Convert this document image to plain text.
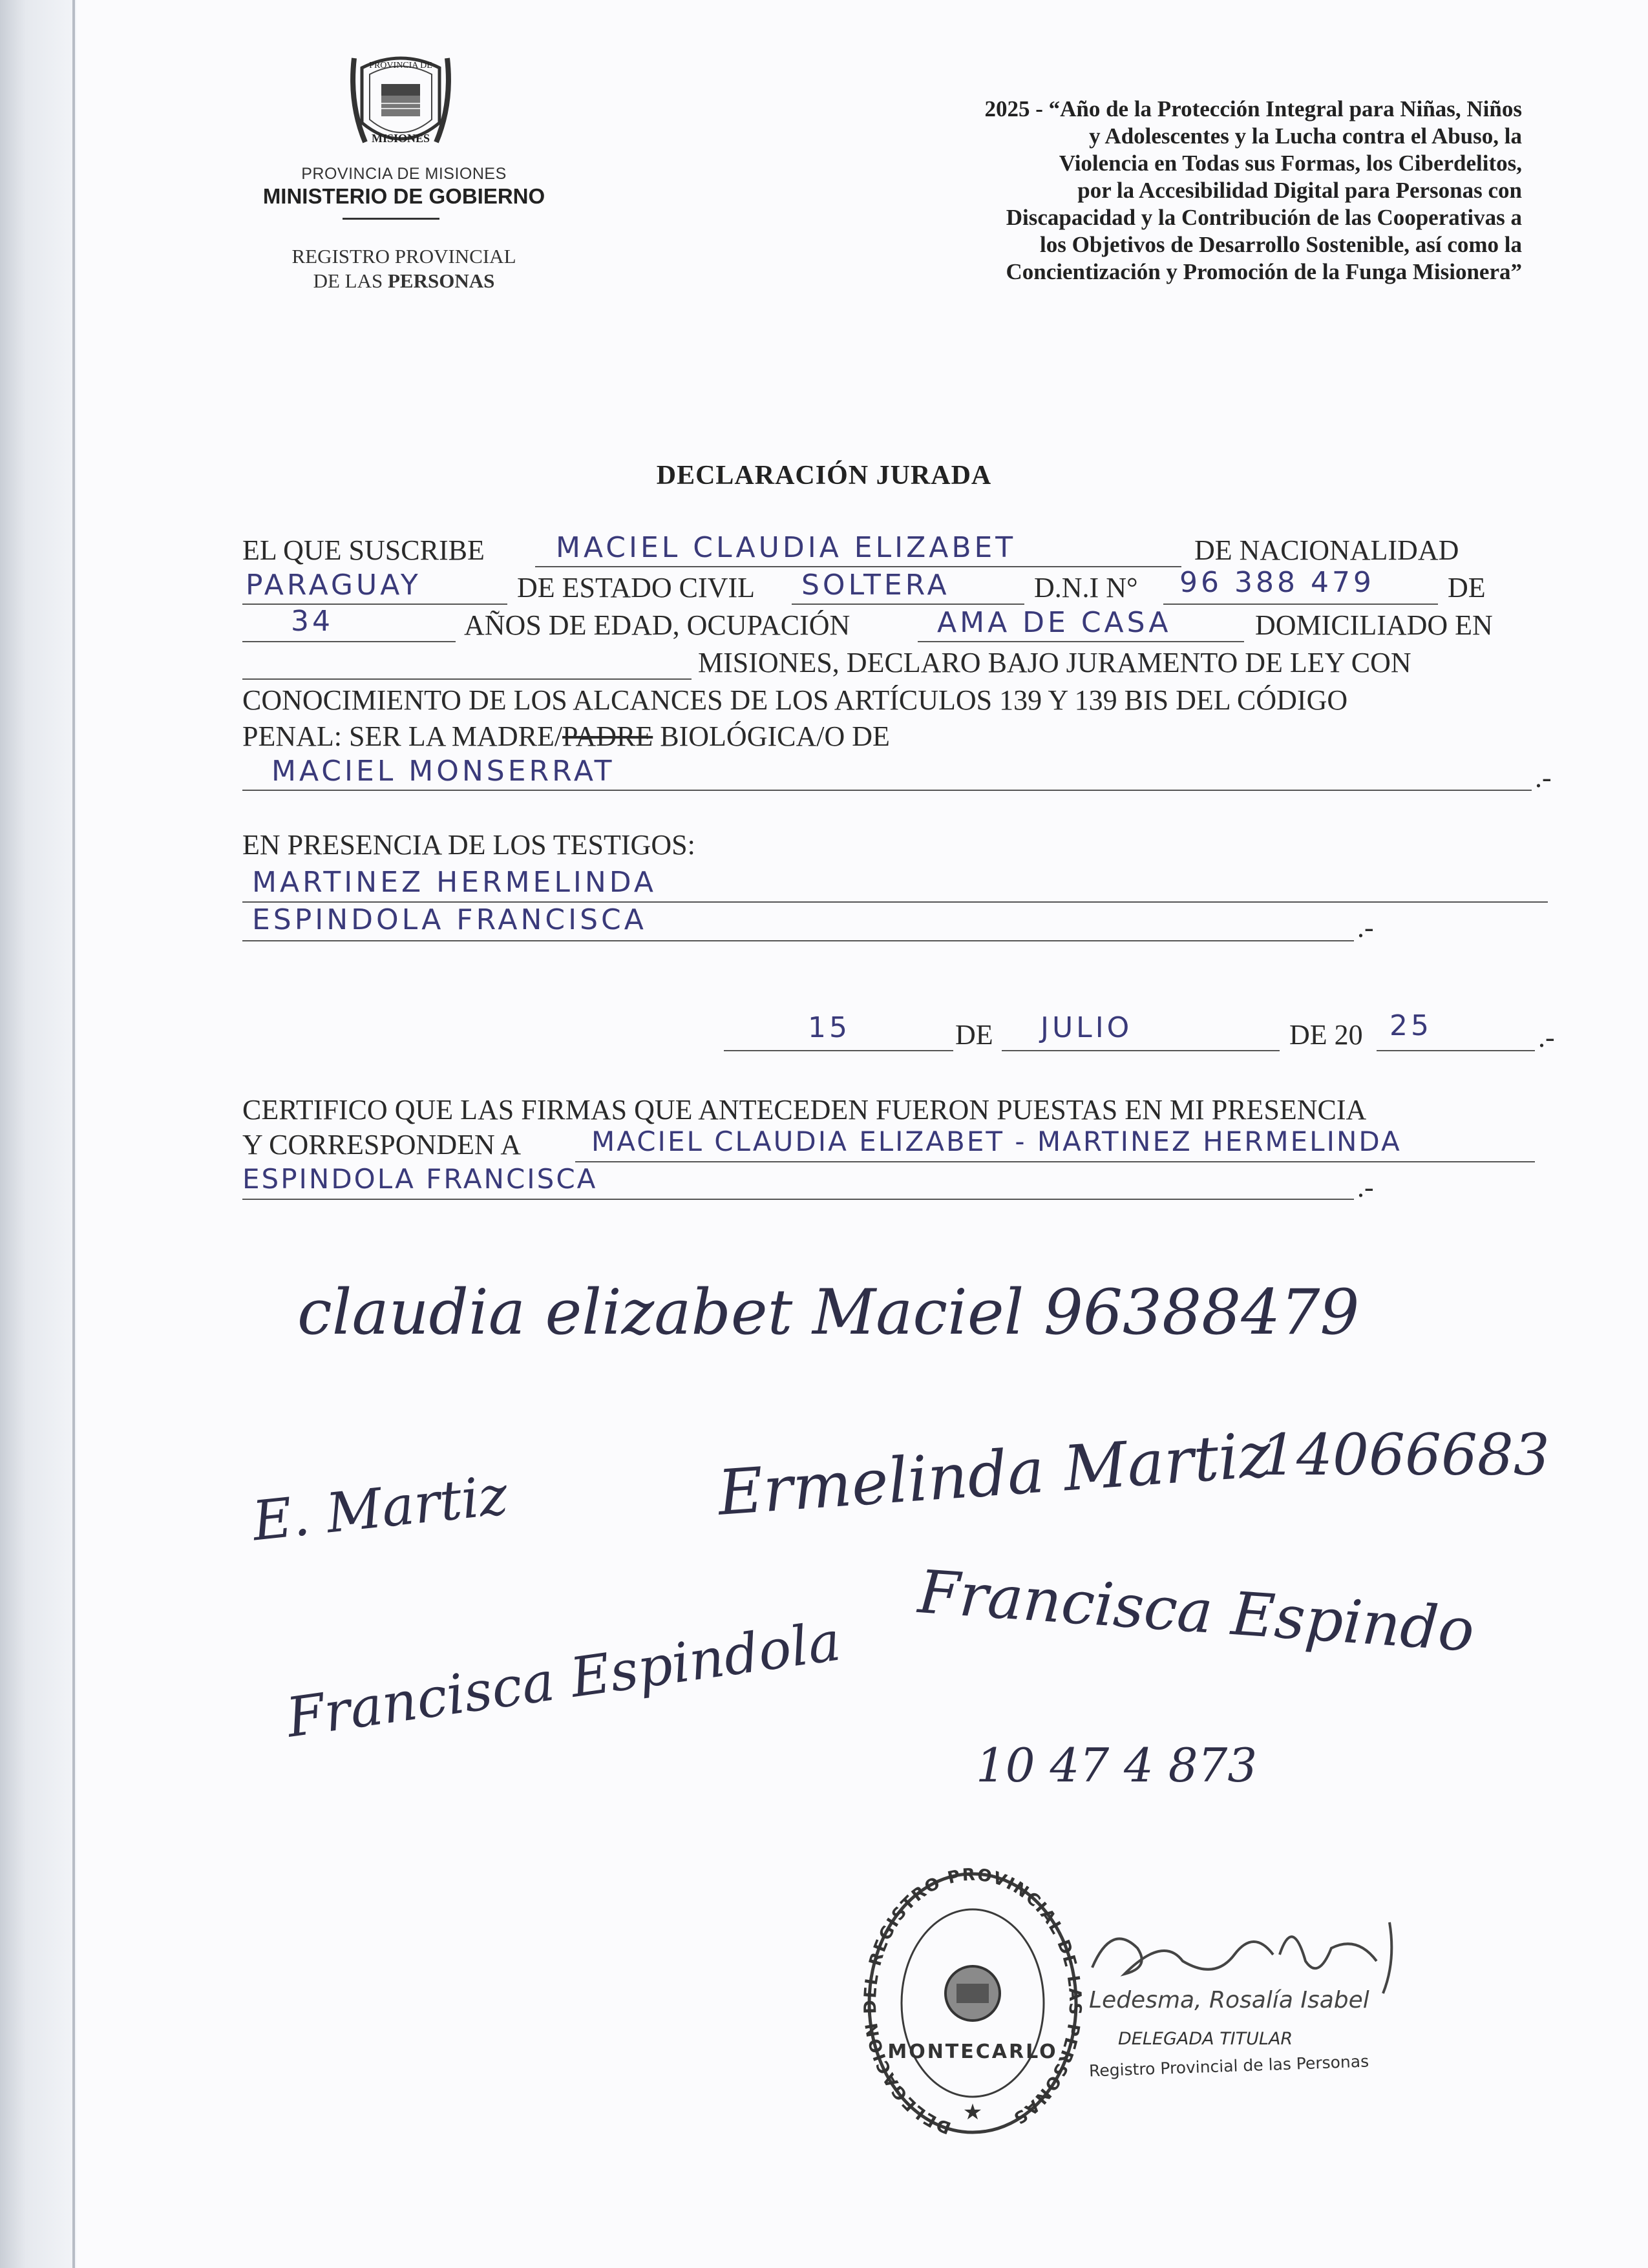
PROVINCIA DE
MISIONES
PROVINCIA DE MISIONES
MINISTERIO DE GOBIERNO
REGISTRO PROVINCIAL
DE LAS PERSONAS
2025 - “Año de la Protección Integral para Niñas, Niños
y Adolescentes y la Lucha contra el Abuso, la
Violencia en Todas sus Formas, los Ciberdelitos,
por la Accesibilidad Digital para Personas con
Discapacidad y la Contribución de las Cooperativas a
los Objetivos de Desarrollo Sostenible, así como la
Concientización y Promoción de la Funga Misionera”
DECLARACIÓN JURADA
EL QUE SUSCRIBE	MACIEL CLAUDIA ELIZABET	DE NACIONALIDAD
PARAGUAY	DE ESTADO CIVIL SOLTERA	D.N.I N° 96 388 479	DE
34	AÑOS DE EDAD, OCUPACIÓN	AMA DE CASA	DOMICILIADO EN
MISIONES, DECLARO BAJO JURAMENTO DE LEY CON
CONOCIMIENTO DE LOS ALCANCES DE LOS ARTÍCULOS 139 Y 139 BIS DEL CÓDIGO
PENAL: SER LA MADRE/PADRE BIOLÓGICA/O DE
MACIEL MONSERRAT	.-
EN PRESENCIA DE LOS TESTIGOS:
MARTINEZ HERMELINDA
ESPINDOLA FRANCISCA	.-
15	DE JULIO	DE 20 25	.-
CERTIFICO QUE LAS FIRMAS QUE ANTECEDEN FUERON PUESTAS EN MI PRESENCIA
Y CORRESPONDEN A	MACIEL CLAUDIA ELIZABET - MARTINEZ HERMELINDA
ESPINDOLA FRANCISCA	.-
claudia elizabet Maciel 96388479
E. Martiz	Ermelinda Martiz
14066683
Francisca Espindola Francisca Espindo
10 47 4 873
DELEGACION DEL REGISTRO PROVINCIAL DE LAS PERSONAS
MONTECARLO
★
Ledesma, Rosalía Isabel
DELEGADA TITULAR
Registro Provincial de las Personas
